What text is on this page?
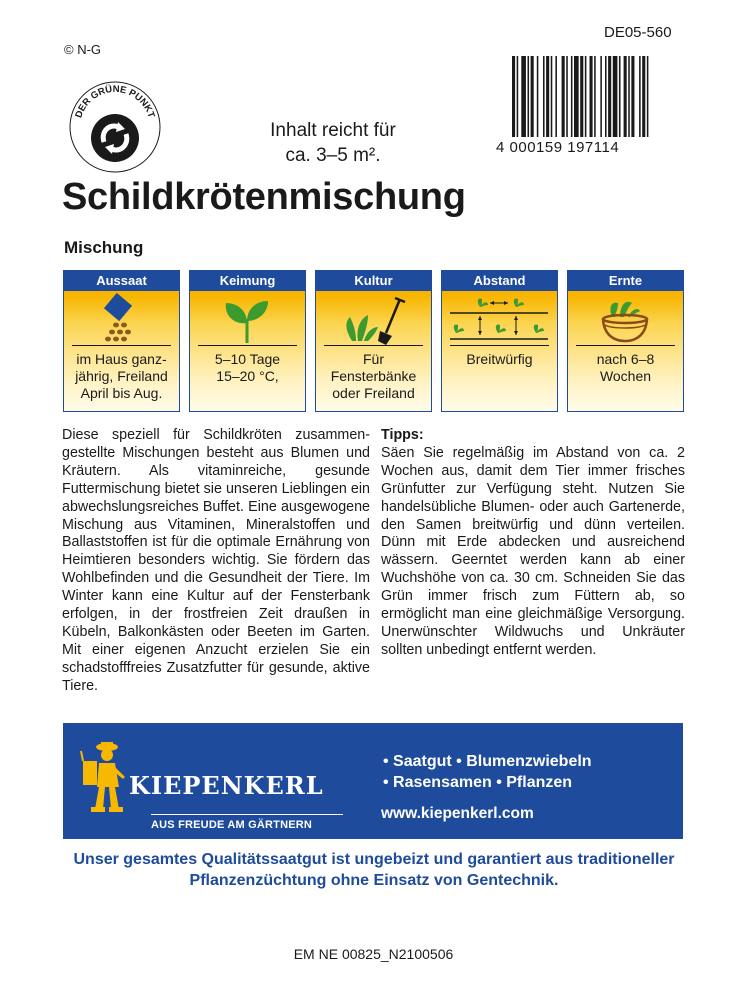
© N-G
DE05-560
DER GRÜNE PUNKT
Inhalt reicht für
ca. 3–5 m².	4 000159 197114
Schildkrötenmischung
Mischung
Aussaat
im Haus ganz-
jährig, Freiland
April bis Aug.
Keimung
5–10 Tage
15–20 °C,
Kultur
Für
Fensterbänke
oder Freiland
Abstand
Breitwürfig
Ernte
nach 6–8
Wochen
Diese speziell für Schildkröten zusammengestellte Mischungen besteht aus Blumen und Kräutern. Als vitaminreiche, gesunde Futtermischung bietet sie unseren Lieblingen ein abwechslungsreiches Buffet. Eine ausgewogene Mischung aus Vitaminen, Mineralstoffen und Ballaststoffen ist für die optimale Ernährung von Heimtieren besonders wichtig. Sie fördern das Wohlbefinden und die Gesundheit der Tiere. Im Winter kann eine Kultur auf der Fensterbank erfolgen, in der frostfreien Zeit draußen in Kübeln, Balkonkästen oder Beeten im Garten. Mit einer eigenen Anzucht erzielen Sie ein schadstofffreies Zusatzfutter für gesunde, aktive Tiere.
Tipps:
Säen Sie regelmäßig im Abstand von ca. 2 Wochen aus, damit dem Tier immer frisches Grünfutter zur Verfügung steht. Nutzen Sie handelsübliche Blumen- oder auch Gartenerde, den Samen breitwürfig und dünn verteilen. Dünn mit Erde abdecken und ausreichend wässern. Geerntet werden kann ab einer Wuchshöhe von ca. 30 cm. Schneiden Sie das Grün immer frisch zum Füttern ab, so ermöglicht man eine gleichmäßige Versorgung. Unerwünschter Wildwuchs und Unkräuter sollten unbedingt entfernt werden.
KIEPENKERL
AUS FREUDE AM GÄRTNERN
• Saatgut • Blumenzwiebeln
• Rasensamen • Pflanzen
www.kiepenkerl.com
Unser gesamtes Qualitätssaatgut ist ungebeizt und garantiert aus traditioneller Pflanzenzüchtung ohne Einsatz von Gentechnik.
EM NE 00825_N2100506
